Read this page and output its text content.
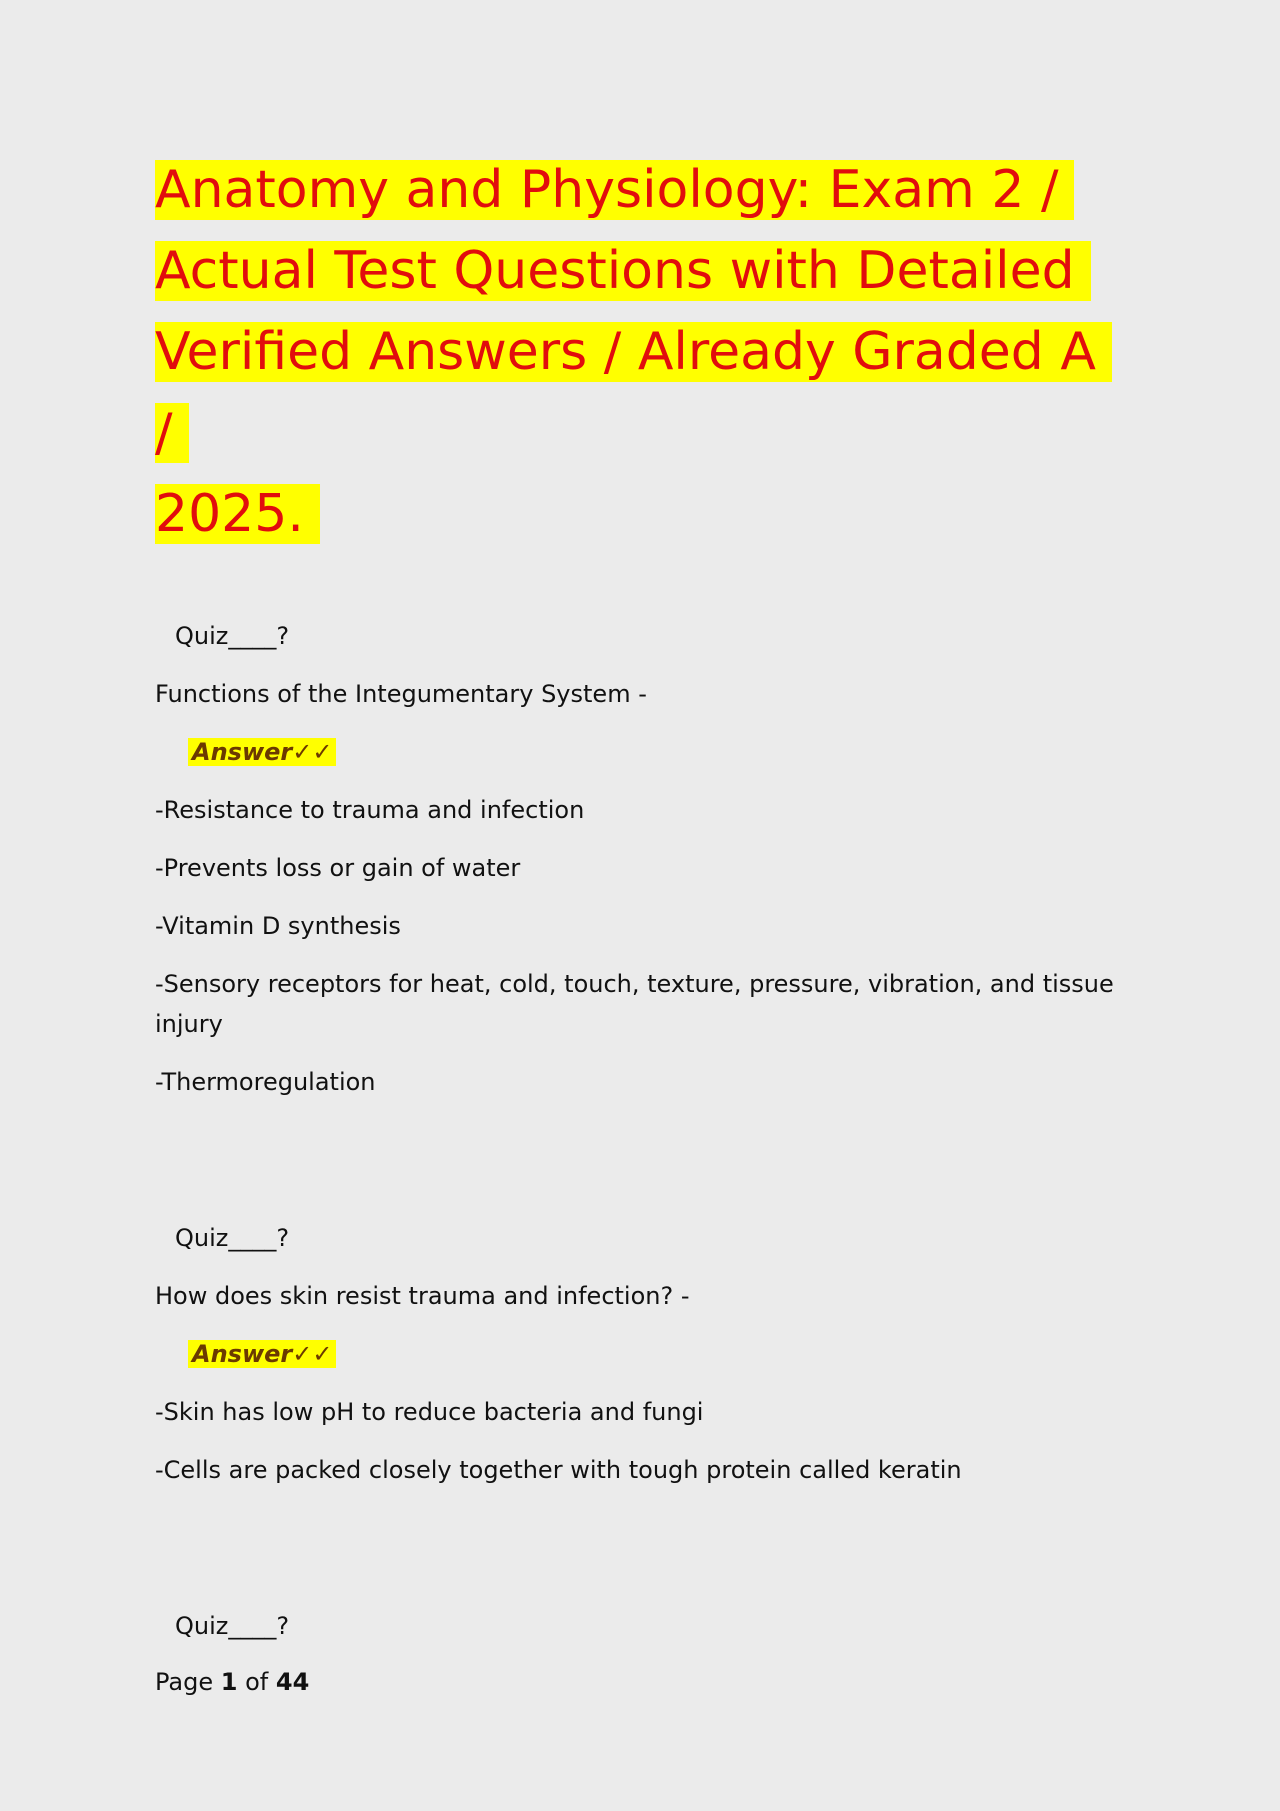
Anatomy and Physiology: Exam 2 /
Actual Test Questions with Detailed
Verified Answers / Already Graded A /
2025.

Quiz____?

Functions of the Integumentary System -

Answer✓✓

-Resistance to trauma and infection

-Prevents loss or gain of water

-Vitamin D synthesis

-Sensory receptors for heat, cold, touch, texture, pressure, vibration, and tissue injury

-Thermoregulation

Quiz____?

How does skin resist trauma and infection? -

Answer✓✓

-Skin has low pH to reduce bacteria and fungi

-Cells are packed closely together with tough protein called keratin

Quiz____?

Page 1 of 44
